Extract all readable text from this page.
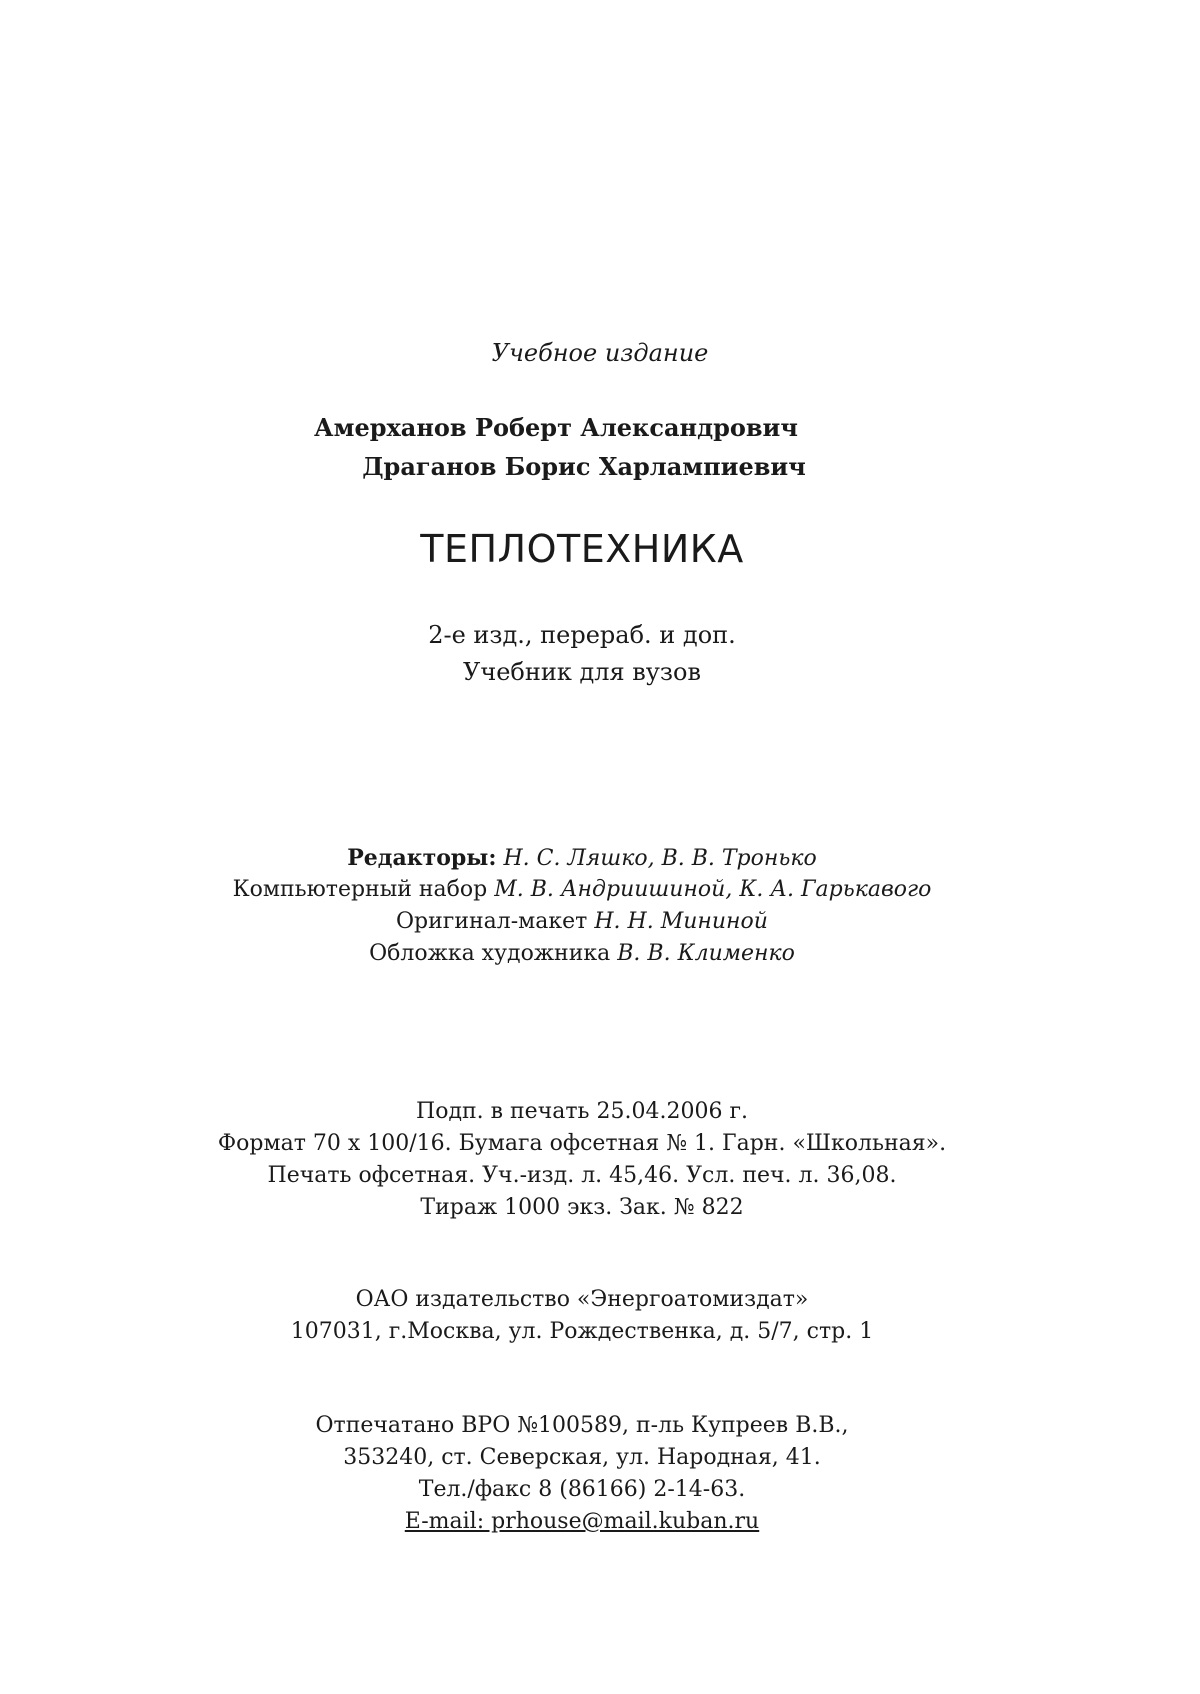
Учебное издание
Амерханов Роберт Александрович
Драганов Борис Харлампиевич
ТЕПЛОТЕХНИКА
2-е изд., перераб. и доп.
Учебник для вузов
Редакторы: Н. С. Ляшко, В. В. Тронько
Компьютерный набор М. В. Андриишиной, К. А. Гарькавого
Оригинал-макет Н. Н. Мининой
Обложка художника В. В. Клименко
Подп. в печать 25.04.2006 г.
Формат 70 х 100/16. Бумага офсетная № 1. Гарн. «Школьная».
Печать офсетная. Уч.-изд. л. 45,46. Усл. печ. л. 36,08.
Тираж 1000 экз. Зак. № 822
ОАО издательство «Энергоатомиздат»
107031, г.Москва, ул. Рождественка, д. 5/7, стр. 1
Отпечатано ВРО №100589, п-ль Купреев В.В.,
353240, ст. Северская, ул. Народная, 41.
Тел./факс 8 (86166) 2-14-63.
E-mail: prhouse@mail.kuban.ru
